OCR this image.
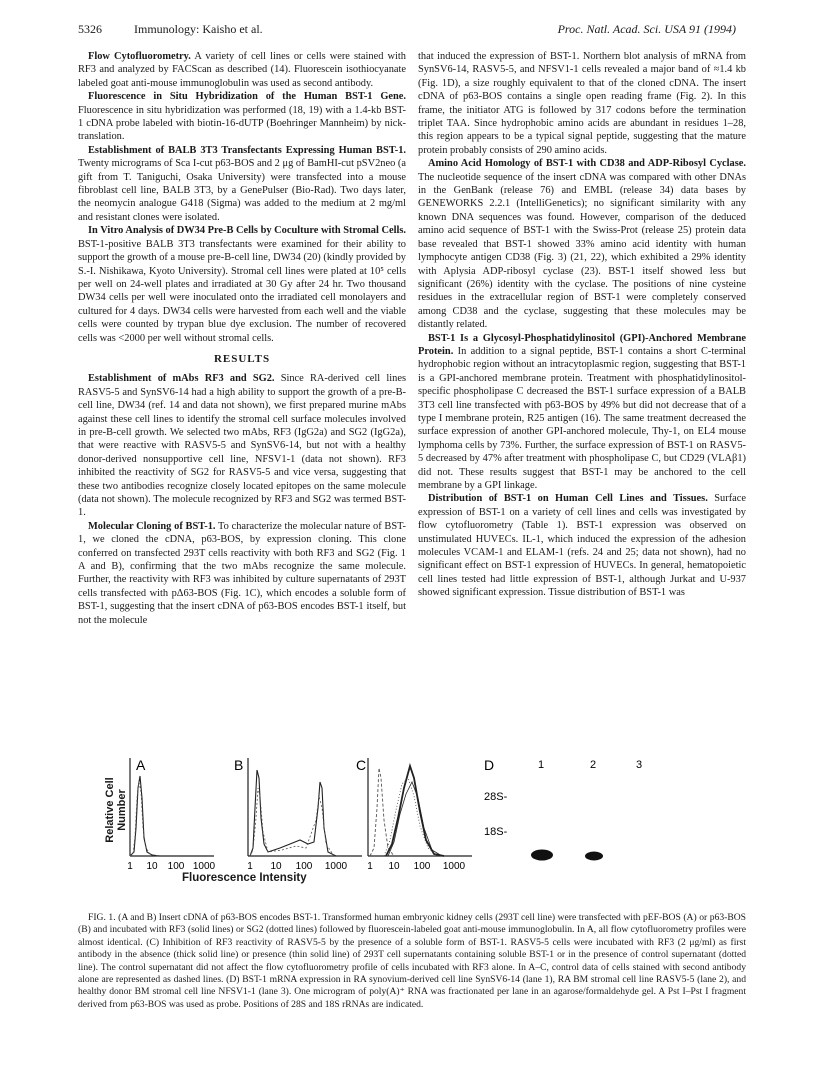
5326	Immunology: Kaisho et al.	Proc. Natl. Acad. Sci. USA 91 (1994)

Flow Cytofluorometry. A variety of cell lines or cells were stained with RF3 and analyzed by FACScan as described (14). Fluorescein isothiocyanate labeled goat anti-mouse immunoglobulin was used as second antibody.

Fluorescence in Situ Hybridization of the Human BST-1 Gene. Fluorescence in situ hybridization was performed (18, 19) with a 1.4-kb BST-1 cDNA probe labeled with biotin-16-dUTP (Boehringer Mannheim) by nick-translation.

Establishment of BALB 3T3 Transfectants Expressing Human BST-1. Twenty micrograms of Sca I-cut p63-BOS and 2 μg of BamHI-cut pSV2neo (a gift from T. Taniguchi, Osaka University) were transfected into a mouse fibroblast cell line, BALB 3T3, by a GenePulser (Bio-Rad). Two days later, the neomycin analogue G418 (Sigma) was added to the medium at 2 mg/ml and resistant clones were isolated.

In Vitro Analysis of DW34 Pre-B Cells by Coculture with Stromal Cells. BST-1-positive BALB 3T3 transfectants were examined for their ability to support the growth of a mouse pre-B-cell line, DW34 (20) (kindly provided by S.-I. Nishikawa, Kyoto University). Stromal cell lines were plated at 10⁵ cells per well on 24-well plates and irradiated at 30 Gy after 24 hr. Two thousand DW34 cells per well were inoculated onto the irradiated cell monolayers and cultured for 4 days. DW34 cells were harvested from each well and the viable cells were counted by trypan blue dye exclusion. The number of recovered cells was <2000 per well without stromal cells.

RESULTS

Establishment of mAbs RF3 and SG2. Since RA-derived cell lines RASV5-5 and SynSV6-14 had a high ability to support the growth of a pre-B-cell line, DW34 (ref. 14 and data not shown), we first prepared murine mAbs against these cell lines to identify the stromal cell surface molecules involved in pre-B-cell growth. We selected two mAbs, RF3 (IgG2a) and SG2 (IgG2a), that were reactive with RASV5-5 and SynSV6-14, but not with a healthy donor-derived nonsupportive cell line, NFSV1-1 (data not shown). RF3 inhibited the reactivity of SG2 for RASV5-5 and vice versa, suggesting that these two antibodies recognize closely located epitopes on the same molecule (data not shown). The molecule recognized by RF3 and SG2 was termed BST-1.

Molecular Cloning of BST-1. To characterize the molecular nature of BST-1, we cloned the cDNA, p63-BOS, by expression cloning. This clone conferred on transfected 293T cells reactivity with both RF3 and SG2 (Fig. 1 A and B), confirming that the two mAbs recognize the same molecule. Further, the reactivity with RF3 was inhibited by culture supernatants of 293T cells transfected with pΔ63-BOS (Fig. 1C), which encodes a soluble form of BST-1, suggesting that the insert cDNA of p63-BOS encodes BST-1 itself, but not the molecule

that induced the expression of BST-1. Northern blot analysis of mRNA from SynSV6-14, RASV5-5, and NFSV1-1 cells revealed a major band of ≈1.4 kb (Fig. 1D), a size roughly equivalent to that of the cloned cDNA. The insert cDNA of p63-BOS contains a single open reading frame (Fig. 2). In this frame, the initiator ATG is followed by 317 codons before the termination triplet TAA. Since hydrophobic amino acids are abundant in residues 1–28, this region appears to be a typical signal peptide, suggesting that the mature protein probably consists of 290 amino acids.

Amino Acid Homology of BST-1 with CD38 and ADP-Ribosyl Cyclase. The nucleotide sequence of the insert cDNA was compared with other DNAs in the GenBank (release 76) and EMBL (release 34) data bases by GENEWORKS 2.2.1 (IntelliGenetics); no significant similarity with any known DNA sequences was found. However, comparison of the deduced amino acid sequence of BST-1 with the Swiss-Prot (release 25) protein data base revealed that BST-1 showed 33% amino acid identity with human lymphocyte antigen CD38 (Fig. 3) (21, 22), which exhibited a 29% identity with Aplysia ADP-ribosyl cyclase (23). BST-1 itself showed less but significant (26%) identity with the cyclase. The positions of nine cysteine residues in the extracellular region of BST-1 were completely conserved among CD38 and the cyclase, suggesting that these molecules may be distantly related.

BST-1 Is a Glycosyl-Phosphatidylinositol (GPI)-Anchored Membrane Protein. In addition to a signal peptide, BST-1 contains a short C-terminal hydrophobic region without an intracytoplasmic region, suggesting that BST-1 is a GPI-anchored membrane protein. Treatment with phosphatidylinositol-specific phospholipase C decreased the BST-1 surface expression of a BALB 3T3 cell line transfected with p63-BOS by 49% but did not decrease that of a type I membrane protein, R25 antigen (16). The same treatment decreased the surface expression of another GPI-anchored molecule, Thy-1, on EL4 mouse lymphoma cells by 73%. Further, the surface expression of BST-1 on RASV5-5 decreased by 47% after treatment with phospholipase C, but CD29 (VLAβ1) did not. These results suggest that BST-1 may be anchored to the cell membrane by a GPI linkage.

Distribution of BST-1 on Human Cell Lines and Tissues. Surface expression of BST-1 on a variety of cell lines and cells was investigated by flow cytofluorometry (Table 1). BST-1 expression was observed on unstimulated HUVECs. IL-1, which induced the expression of the adhesion molecules VCAM-1 and ELAM-1 (refs. 24 and 25; data not shown), had no significant effect on BST-1 expression of HUVECs. In general, hematopoietic cell lines tested had little expression of BST-1, although Jurkat and U-937 showed significant expression. Tissue distribution of BST-1 was

Relative Cell Number
A
1 10 100 1000
B
1 10 100 1000
C
1 10 100 1000
D	1	2	3
28S-
18S-
Fluorescence Intensity
FIG. 1. (A and B) Insert cDNA of p63-BOS encodes BST-1. Transformed human embryonic kidney cells (293T cell line) were transfected with pEF-BOS (A) or p63-BOS (B) and incubated with RF3 (solid lines) or SG2 (dotted lines) followed by fluorescein-labeled goat anti-mouse immunoglobulin. In A, all flow cytofluorometry profiles were almost identical. (C) Inhibition of RF3 reactivity of RASV5-5 by the presence of a soluble form of BST-1. RASV5-5 cells were incubated with RF3 (2 μg/ml) as first antibody in the absence (thick solid line) or presence (thin solid line) of 293T cell supernatants containing soluble BST-1 or in the presence of control supernatant (dotted line). The control supernatant did not affect the flow cytofluorometry profile of cells incubated with RF3 alone. In A–C, control data of cells stained with second antibody alone are represented as dashed lines. (D) BST-1 mRNA expression in RA synovium-derived cell line SynSV6-14 (lane 1), RA BM stromal cell line RASV5-5 (lane 2), and healthy donor BM stromal cell line NFSV1-1 (lane 3). One microgram of poly(A)⁺ RNA was fractionated per lane in an agarose/formaldehyde gel. A Pst I–Pst I fragment derived from p63-BOS was used as probe. Positions of 28S and 18S rRNAs are indicated.
